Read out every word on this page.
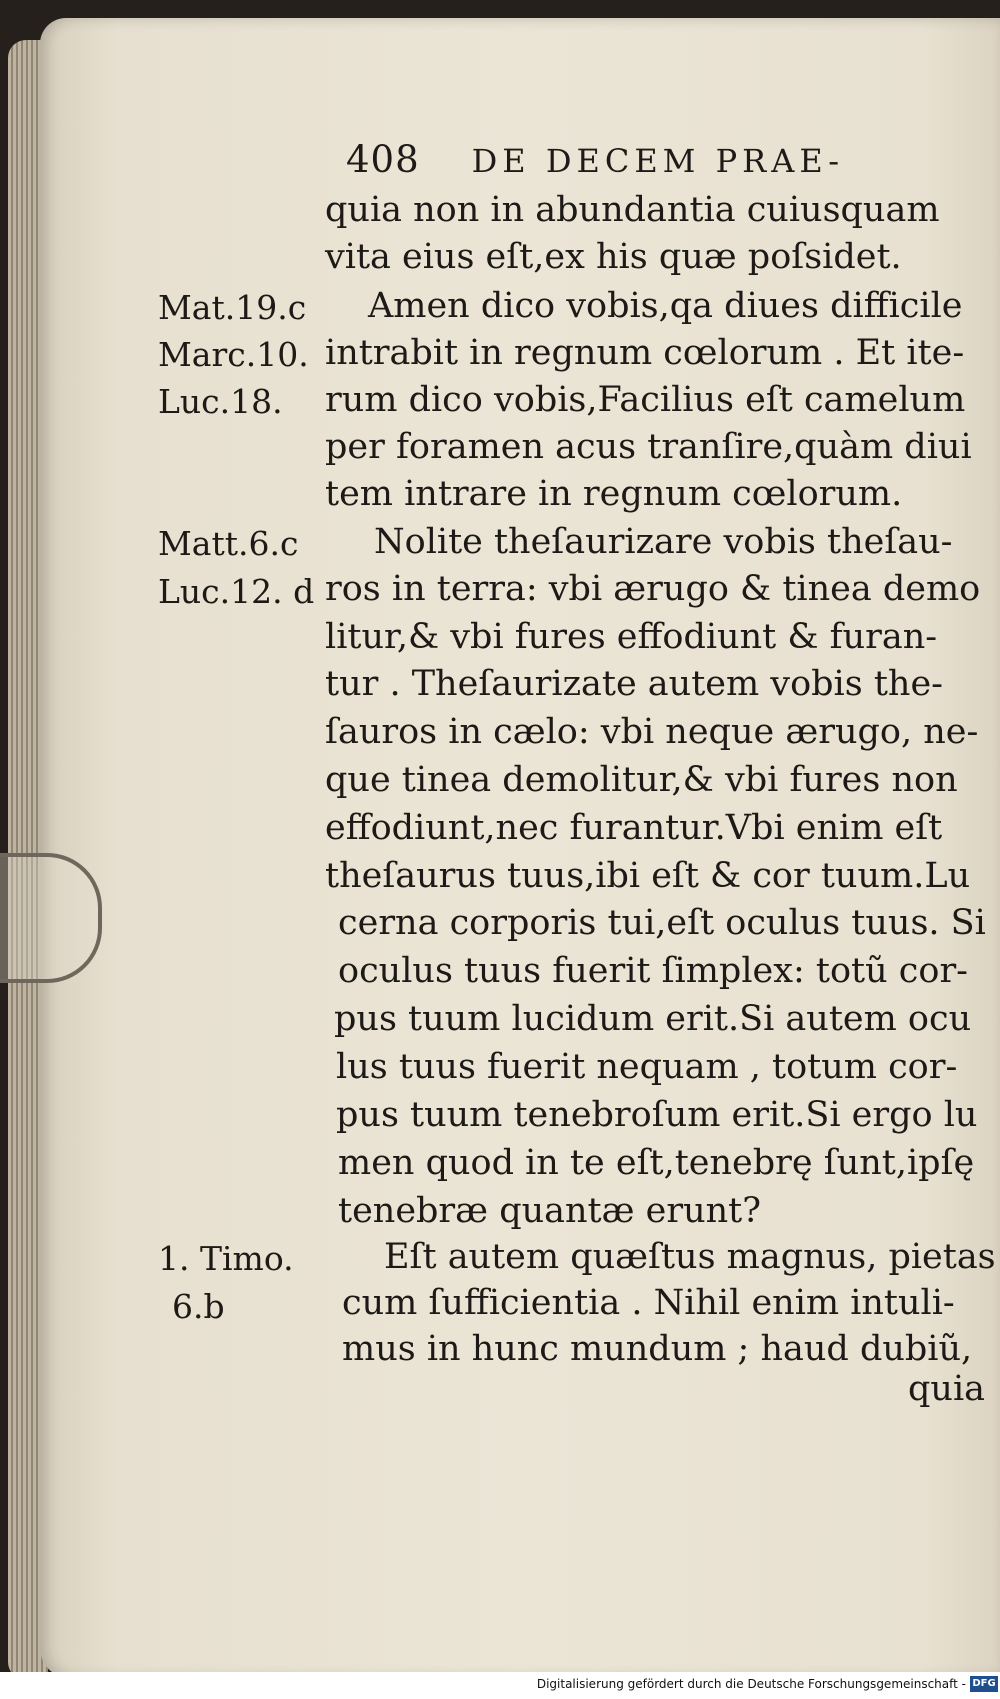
408 DE DECEM PRAE-
quia non in abundantia cuiusquam
vita eius eſt,ex his quæ poſsidet.
Amen dico vobis,qa diues difficile
intrabit in regnum cœlorum . Et ite-
rum dico vobis,Facilius eſt camelum
per foramen acus tranſire,quàm diui
tem intrare in regnum cœlorum.
Nolite theſaurizare vobis theſau-
ros in terra: vbi ærugo & tinea demo
litur,& vbi fures effodiunt & furan-
tur . Theſaurizate autem vobis the-
ſauros in cælo: vbi neque ærugo, ne-
que tinea demolitur,& vbi fures non
effodiunt,nec furantur.Vbi enim eſt
theſaurus tuus,ibi eſt & cor tuum.Lu
cerna corporis tui,eſt oculus tuus. Si
oculus tuus fuerit ſimplex: totũ cor-
pus tuum lucidum erit.Si autem ocu
lus tuus fuerit nequam , totum cor-
pus tuum tenebroſum erit.Si ergo lu
men quod in te eſt,tenebrę ſunt,ipſę
tenebræ quantæ erunt?
Eſt autem quæſtus magnus, pietas
cum ſufficientia . Nihil enim intuli-
mus in hunc mundum ; haud dubiũ,
Mat.19.c
Marc.10.
Luc.18.
Matt.6.c
Luc.12. d
1. Timo.
6.b
quia
Digitalisierung gefördert durch die Deutsche Forschungsgemeinschaft - DFG
